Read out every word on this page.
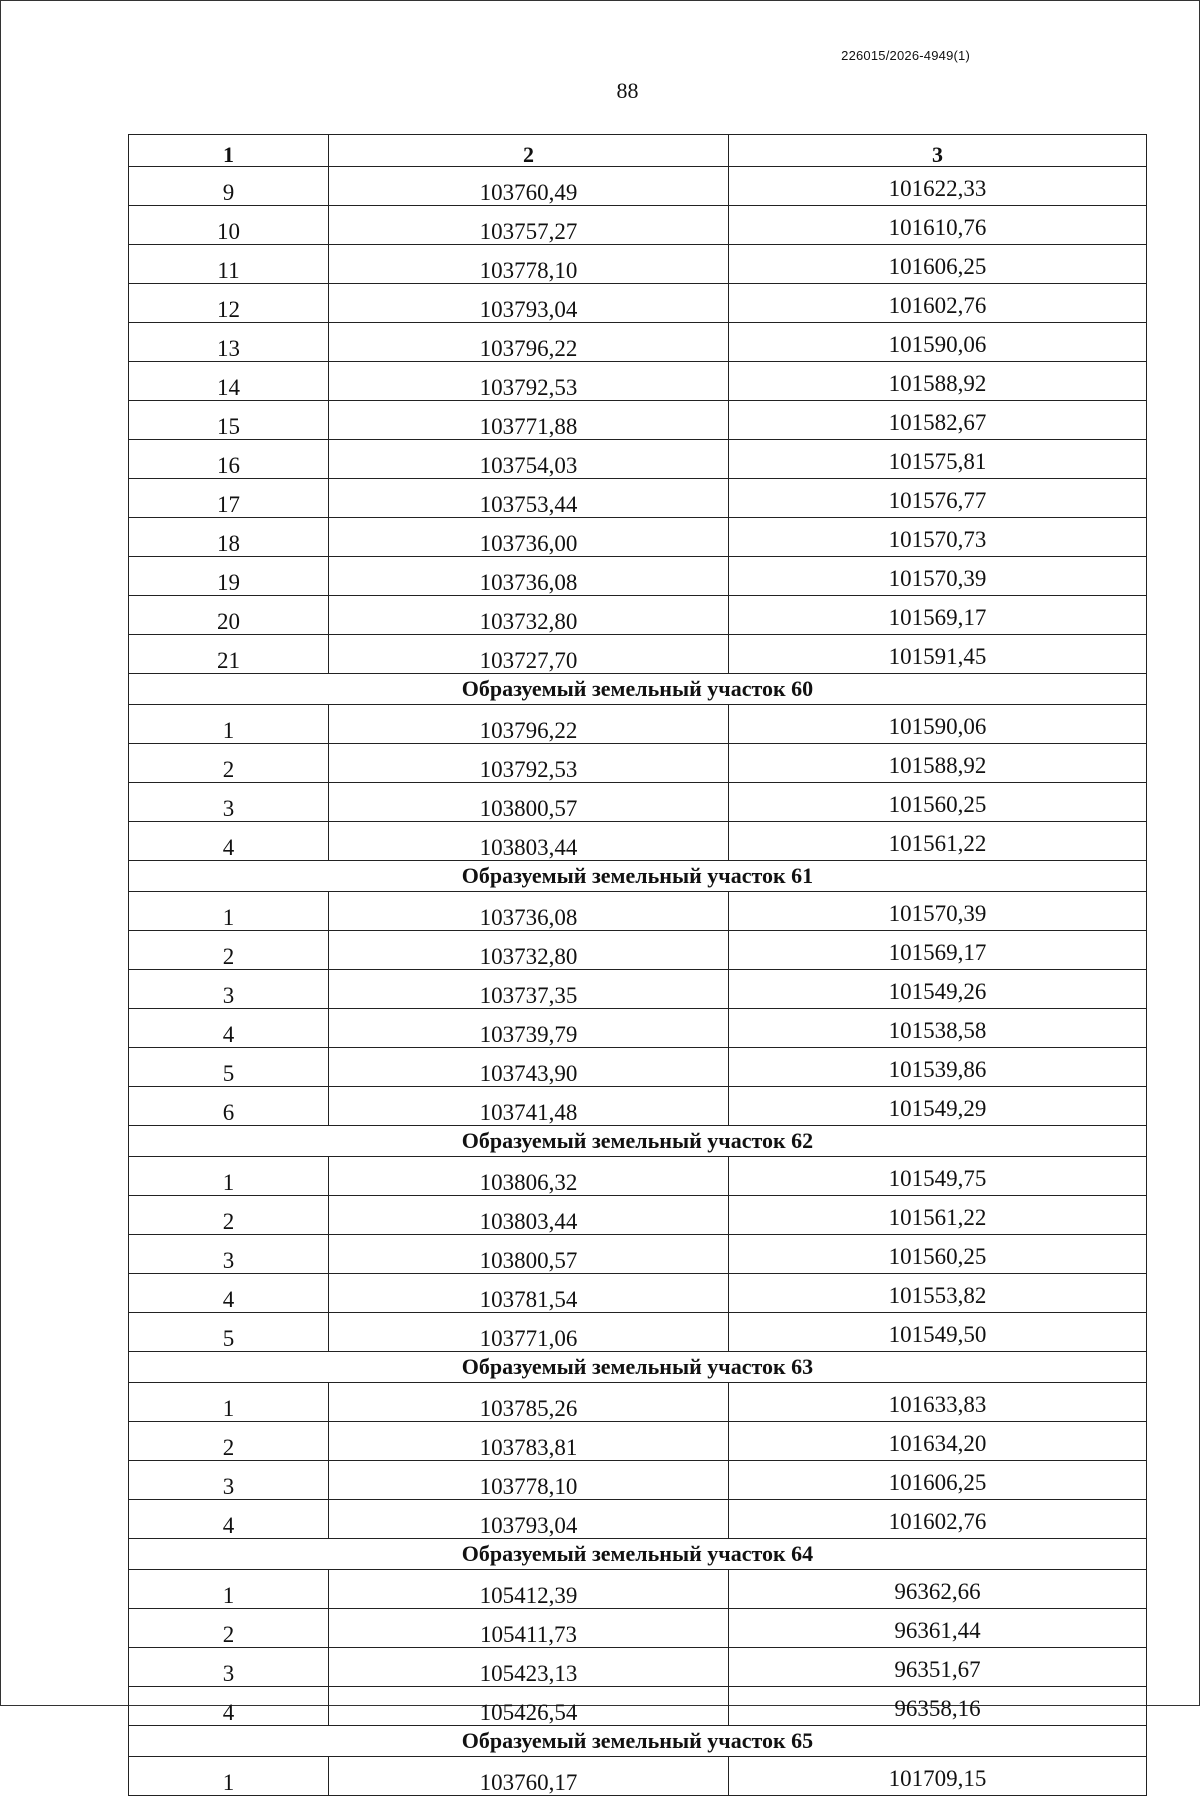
226015/2026-4949(1)
88
1	2	3
9	103760,49	101622,33
10	103757,27	101610,76
11	103778,10	101606,25
12	103793,04	101602,76
13	103796,22	101590,06
14	103792,53	101588,92
15	103771,88	101582,67
16	103754,03	101575,81
17	103753,44	101576,77
18	103736,00	101570,73
19	103736,08	101570,39
20	103732,80	101569,17
21	103727,70	101591,45
Образуемый земельный участок 60		
1	103796,22	101590,06
2	103792,53	101588,92
3	103800,57	101560,25
4	103803,44	101561,22
Образуемый земельный участок 61		
1	103736,08	101570,39
2	103732,80	101569,17
3	103737,35	101549,26
4	103739,79	101538,58
5	103743,90	101539,86
6	103741,48	101549,29
Образуемый земельный участок 62		
1	103806,32	101549,75
2	103803,44	101561,22
3	103800,57	101560,25
4	103781,54	101553,82
5	103771,06	101549,50
Образуемый земельный участок 63		
1	103785,26	101633,83
2	103783,81	101634,20
3	103778,10	101606,25
4	103793,04	101602,76
Образуемый земельный участок 64		
1	105412,39	96362,66
2	105411,73	96361,44
3	105423,13	96351,67
4	105426,54	96358,16
Образуемый земельный участок 65		
1	103760,17	101709,15
